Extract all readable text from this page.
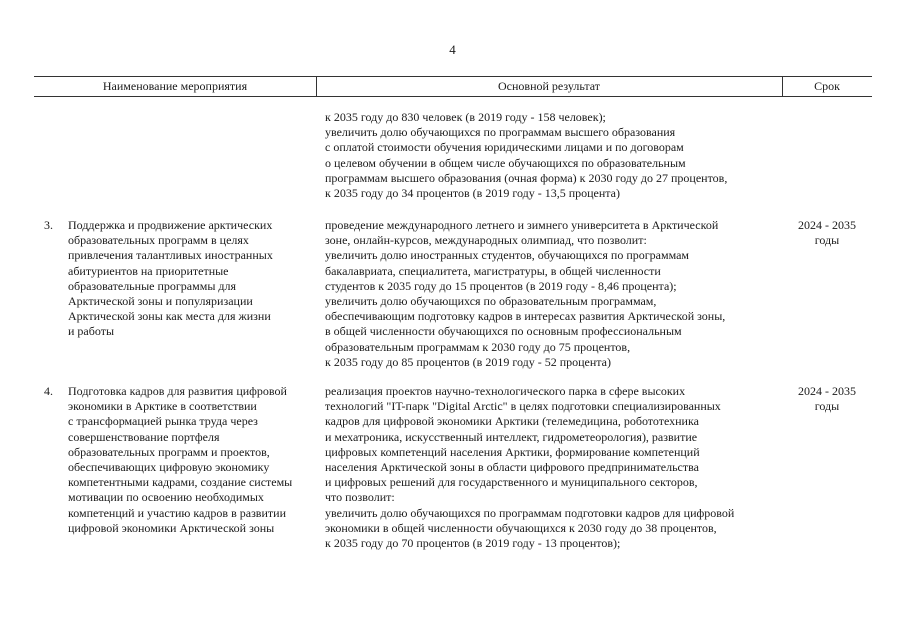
4
Наименование мероприятия	Основной результат	Срок
к 2035 году до 830 человек (в 2019 году - 158 человек);
увеличить долю обучающихся по программам высшего образования
с оплатой стоимости обучения юридическими лицами и по договорам
о целевом обучении в общем числе обучающихся по образовательным
программам высшего образования (очная форма) к 2030 году до 27 процентов,
к 2035 году до 34 процентов (в 2019 году - 13,5 процента)
3. Поддержка и продвижение арктических
образовательных программ в целях
привлечения талантливых иностранных
абитуриентов на приоритетные
образовательные программы для
Арктической зоны и популяризации
Арктической зоны как места для жизни
и работы
проведение международного летнего и зимнего университета в Арктической
зоне, онлайн-курсов, международных олимпиад, что позволит:
увеличить долю иностранных студентов, обучающихся по программам
бакалавриата, специалитета, магистратуры, в общей численности
студентов к 2035 году до 15 процентов (в 2019 году - 8,46 процента);
увеличить долю обучающихся по образовательным программам,
обеспечивающим подготовку кадров в интересах развития Арктической зоны,
в общей численности обучающихся по основным профессиональным
образовательным программам к 2030 году до 75 процентов,
к 2035 году до 85 процентов (в 2019 году - 52 процента)
2024 - 2035
годы
4. Подготовка кадров для развития цифровой
экономики в Арктике в соответствии
с трансформацией рынка труда через
совершенствование портфеля
образовательных программ и проектов,
обеспечивающих цифровую экономику
компетентными кадрами, создание системы
мотивации по освоению необходимых
компетенций и участию кадров в развитии
цифровой экономики Арктической зоны
реализация проектов научно-технологического парка в сфере высоких
технологий "IT-парк "Digital Arctic" в целях подготовки специализированных
кадров для цифровой экономики Арктики (телемедицина, робототехника
и мехатроника, искусственный интеллект, гидрометеорология), развитие
цифровых компетенций населения Арктики, формирование компетенций
населения Арктической зоны в области цифрового предпринимательства
и цифровых решений для государственного и муниципального секторов,
что позволит:
увеличить долю обучающихся по программам подготовки кадров для цифровой
экономики в общей численности обучающихся к 2030 году до 38 процентов,
к 2035 году до 70 процентов (в 2019 году - 13 процентов);
2024 - 2035
годы
